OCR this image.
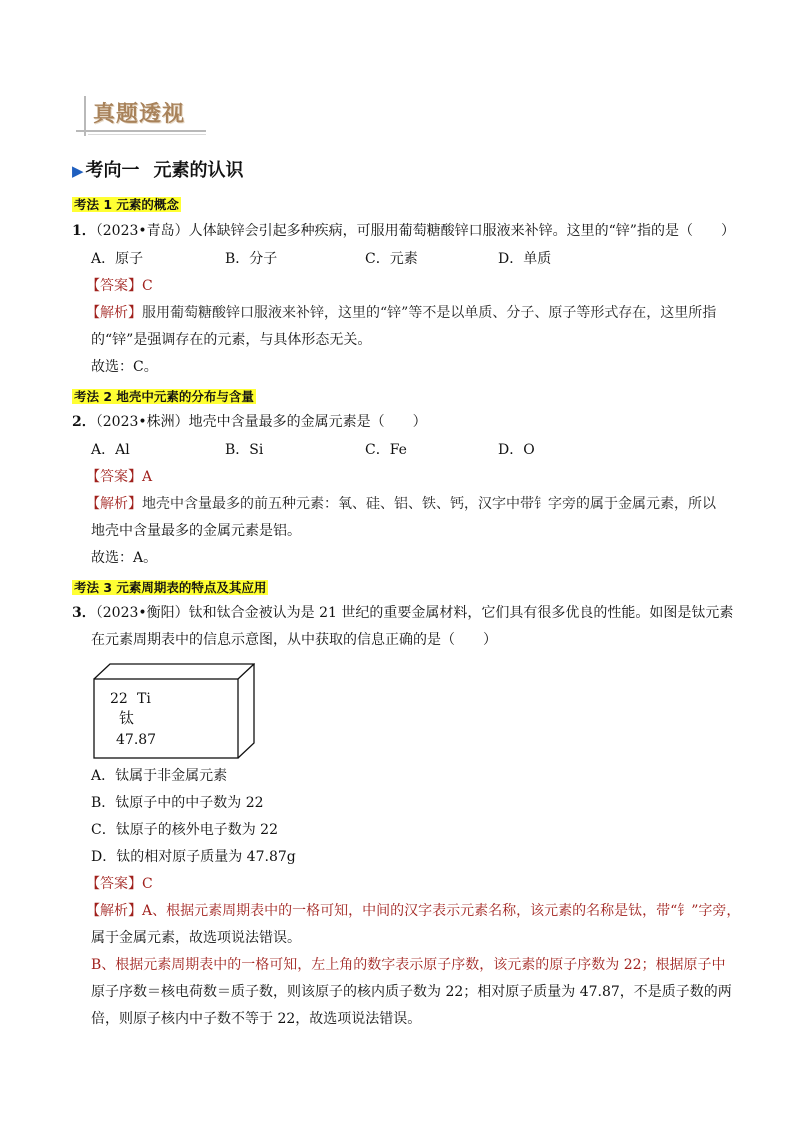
真题透视
▶ 考向一 元素的认识
考法 1 元素的概念
1．（2023•青岛）人体缺锌会引起多种疾病，可服用葡萄糖酸锌口服液来补锌。这里的“锌”指的是（　　）
A．原子	B．分子	C．元素	D．单质
【答案】C
【解析】服用葡萄糖酸锌口服液来补锌，这里的“锌”等不是以单质、分子、原子等形式存在，这里所指
的“锌”是强调存在的元素，与具体形态无关。
故选：C。
考法 2 地壳中元素的分布与含量
2．（2023•株洲）地壳中含量最多的金属元素是（　　）
A．Al	B．Si	C．Fe	D．O
【答案】A
【解析】地壳中含量最多的前五种元素：氧、硅、铝、铁、钙，汉字中带钅字旁的属于金属元素，所以
地壳中含量最多的金属元素是铝。
故选：A。
考法 3 元素周期表的特点及其应用
3．（2023•衡阳）钛和钛合金被认为是 21 世纪的重要金属材料，它们具有很多优良的性能。如图是钛元素
在元素周期表中的信息示意图，从中获取的信息正确的是（　　）
22 Ti
钛
47.87
A．钛属于非金属元素
B．钛原子中的中子数为 22
C．钛原子的核外电子数为 22
D．钛的相对原子质量为 47.87g
【答案】C
【解析】A、根据元素周期表中的一格可知，中间的汉字表示元素名称，该元素的名称是钛，带“钅”字旁，
属于金属元素，故选项说法错误。
B、根据元素周期表中的一格可知，左上角的数字表示原子序数，该元素的原子序数为 22；根据原子中
原子序数＝核电荷数＝质子数，则该原子的核内质子数为 22；相对原子质量为 47.87，不是质子数的两
倍，则原子核内中子数不等于 22，故选项说法错误。
